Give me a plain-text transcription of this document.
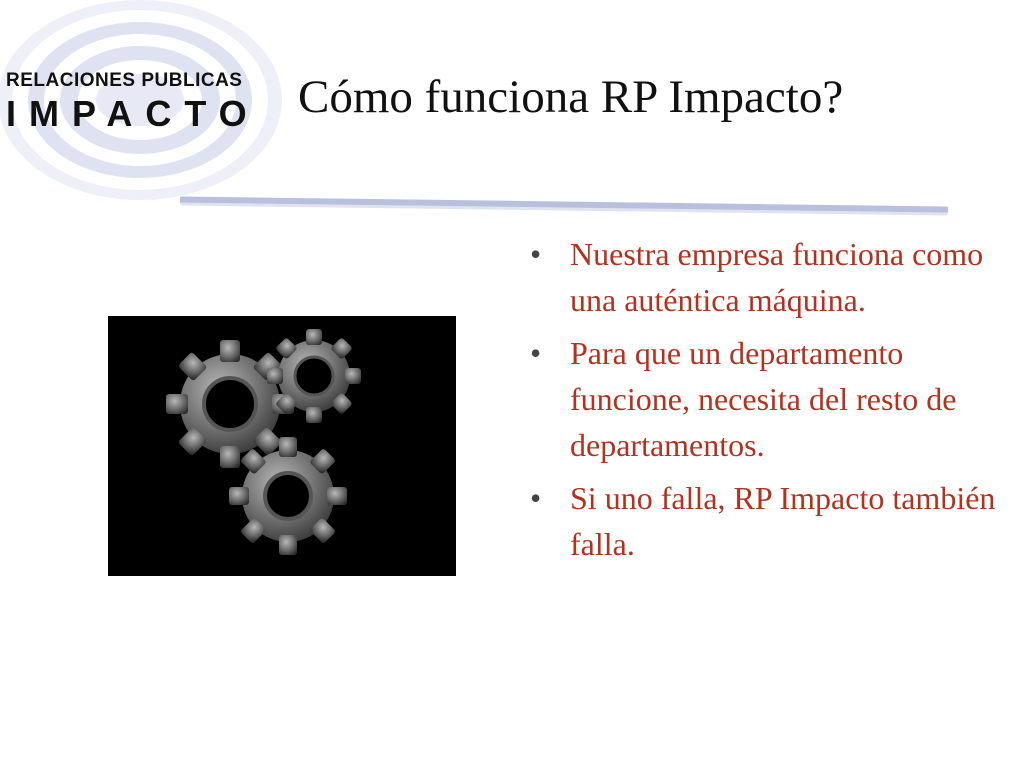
RELACIONES PUBLICAS
IMPACTO Cómo funciona RP Impacto?
• Nuestra empresa funciona como una auténtica máquina.
• Para que un departamento funcione, necesita del resto de departamentos.
• Si uno falla, RP Impacto también falla.
